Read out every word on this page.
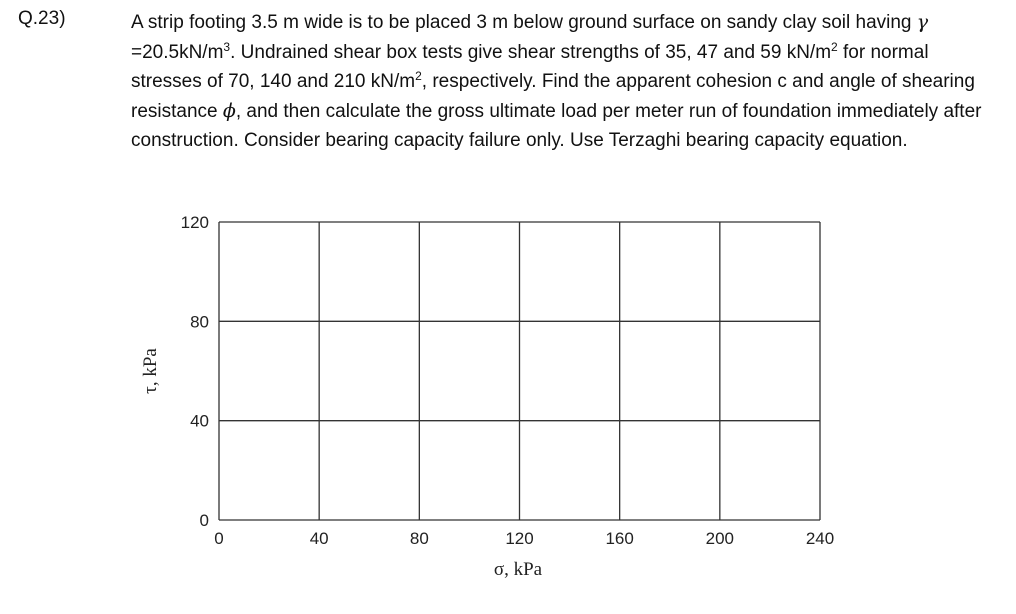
Q.23)	A strip footing 3.5 m wide is to be placed 3 m below ground surface on sandy clay soil having $\gamma =20.5kN/m^3$. Undrained shear box tests give shear strengths of 35, 47 and 59 $kN/m^2$ for normal stresses of 70, 140 and 210 $kN/m^2$, respectively. Find the apparent cohesion c and angle of shearing resistance ϕ, and then calculate the gross ultimate load per meter run of foundation immediately after construction. Consider bearing capacity failure only. Use Terzaghi bearing capacity equation.
0	40	80	120	160	200	240
0
40
80
120
σ, kPa
τ, kPa
